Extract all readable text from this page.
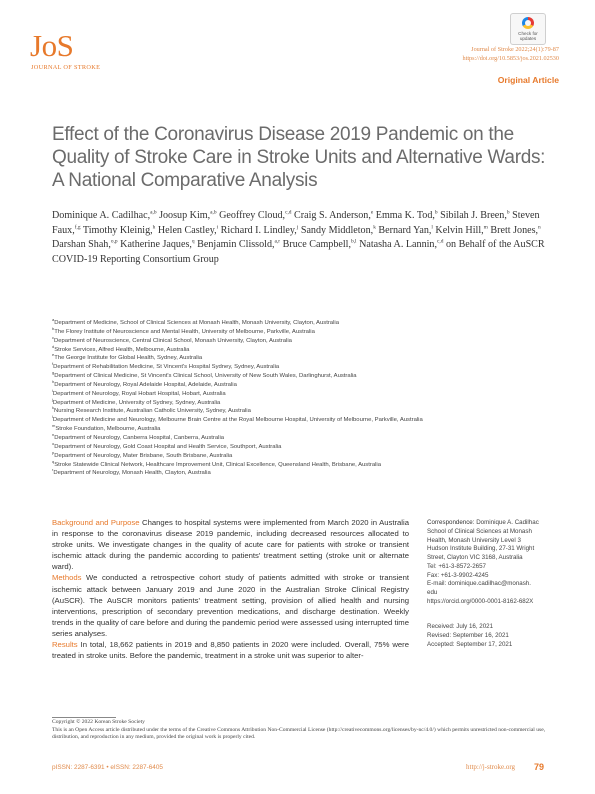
JoS
JOURNAL OF STROKE
Check for
updates
Journal of Stroke 2022;24(1):79-87
https://doi.org/10.5853/jos.2021.02530
Original Article
Effect of the Coronavirus Disease 2019 Pandemic on the Quality of Stroke Care in Stroke Units and Alternative Wards: A National Comparative Analysis
Dominique A. Cadilhac,$^{a,b}$ Joosup Kim,$^{a,b}$ Geoffrey Cloud,$^{c,d}$ Craig S. Anderson,$^e$ Emma K. Tod,$^b$ Sibilah J. Breen,$^b$ Steven Faux,$^{f,g}$ Timothy Kleinig,$^h$ Helen Castley,$^i$ Richard I. Lindley,$^j$ Sandy Middleton,$^k$ Bernard Yan,$^l$ Kelvin Hill,$^m$ Brett Jones,$^n$ Darshan Shah,$^{o,p}$ Katherine Jaques,$^q$ Benjamin Clissold,$^{a,r}$ Bruce Campbell,$^{b,l}$ Natasha A. Lannin,$^{c,d}$ on Behalf of the AuSCR COVID-19 Reporting Consortium Group
$^a$Department of Medicine, School of Clinical Sciences at Monash Health, Monash University, Clayton, Australia
$^b$The Florey Institute of Neuroscience and Mental Health, University of Melbourne, Parkville, Australia
$^c$Department of Neuroscience, Central Clinical School, Monash University, Clayton, Australia
$^d$Stroke Services, Alfred Health, Melbourne, Australia
$^e$The George Institute for Global Health, Sydney, Australia
$^f$Department of Rehabilitation Medicine, St Vincent's Hospital Sydney, Sydney, Australia
$^g$Department of Clinical Medicine, St Vincent's Clinical School, University of New South Wales, Darlinghurst, Australia
$^h$Department of Neurology, Royal Adelaide Hospital, Adelaide, Australia
$^i$Department of Neurology, Royal Hobart Hospital, Hobart, Australia
$^j$Department of Medicine, University of Sydney, Sydney, Australia
$^k$Nursing Research Institute, Australian Catholic University, Sydney, Australia
$^l$Department of Medicine and Neurology, Melbourne Brain Centre at the Royal Melbourne Hospital, University of Melbourne, Parkville, Australia
$^m$Stroke Foundation, Melbourne, Australia
$^n$Department of Neurology, Canberra Hospital, Canberra, Australia
$^o$Department of Neurology, Gold Coast Hospital and Health Service, Southport, Australia
$^p$Department of Neurology, Mater Brisbane, South Brisbane, Australia
$^q$Stroke Statewide Clinical Network, Healthcare Improvement Unit, Clinical Excellence, Queensland Health, Brisbane, Australia
$^r$Department of Neurology, Monash Health, Clayton, Australia

Background and Purpose Changes to hospital systems were implemented from March 2020 in Australia in response to the coronavirus disease 2019 pandemic, including decreased resources allocated to stroke units. We investigate changes in the quality of acute care for patients with stroke or transient ischemic attack during the pandemic according to patients' treatment setting (stroke unit or alternate ward).

Methods We conducted a retrospective cohort study of patients admitted with stroke or transient ischemic attack between January 2019 and June 2020 in the Australian Stroke Clinical Registry (AuSCR). The AuSCR monitors patients' treatment setting, provision of allied health and nursing interventions, prescription of secondary prevention medications, and discharge destination. Weekly trends in the quality of care before and during the pandemic period were assessed using interrupted time series analyses.

Results In total, 18,662 patients in 2019 and 8,850 patients in 2020 were included. Overall, 75% were treated in stroke units. Before the pandemic, treatment in a stroke unit was superior to alter-

Correspondence: Dominique A. Cadilhac
School of Clinical Sciences at Monash
Health, Monash University Level 3
Hudson Institute Building, 27-31 Wright
Street, Clayton VIC 3168, Australia
Tel: +61-3-8572-2657
Fax: +61-3-9902-4245
E-mail: dominique.cadilhac@monash.
edu
https://orcid.org/0000-0001-8162-682X
Received: July 16, 2021
Revised: September 16, 2021
Accepted: September 17, 2021
Copyright © 2022 Korean Stroke Society
This is an Open Access article distributed under the terms of the Creative Commons Attribution Non-Commercial License (http://creativecommons.org/licenses/by-nc/4.0/) which permits unrestricted non-commercial use, distribution, and reproduction in any medium, provided the original work is properly cited.
pISSN: 2287-6391 • eISSN: 2287-6405	http://j-stroke.org 79
